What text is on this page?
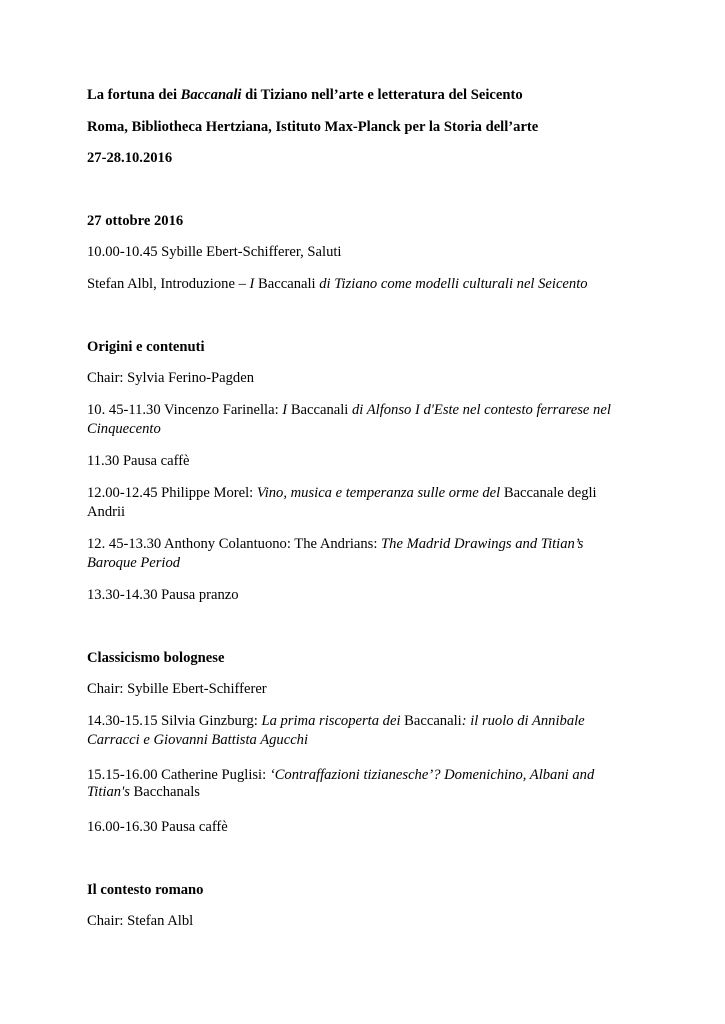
La fortuna dei Baccanali di Tiziano nell’arte e letteratura del Seicento
Roma, Bibliotheca Hertziana, Istituto Max-Planck per la Storia dell’arte
27-28.10.2016
27 ottobre 2016
10.00-10.45 Sybille Ebert-Schifferer, Saluti
Stefan Albl, Introduzione – I Baccanali di Tiziano come modelli culturali nel Seicento
Origini e contenuti
Chair: Sylvia Ferino-Pagden
10. 45-11.30 Vincenzo Farinella: I Baccanali di Alfonso I d'Este nel contesto ferrarese nel
Cinquecento
11.30 Pausa caffè
12.00-12.45 Philippe Morel: Vino, musica e temperanza sulle orme del Baccanale degli
Andrii
12. 45-13.30 Anthony Colantuono: The Andrians: The Madrid Drawings and Titian’s
Baroque Period
13.30-14.30 Pausa pranzo
Classicismo bolognese
Chair: Sybille Ebert-Schifferer
14.30-15.15 Silvia Ginzburg: La prima riscoperta dei Baccanali: il ruolo di Annibale
Carracci e Giovanni Battista Agucchi
15.15-16.00 Catherine Puglisi: ‘Contraffazioni tizianesche’? Domenichino, Albani and
Titian's Bacchanals
16.00-16.30 Pausa caffè
Il contesto romano
Chair: Stefan Albl
